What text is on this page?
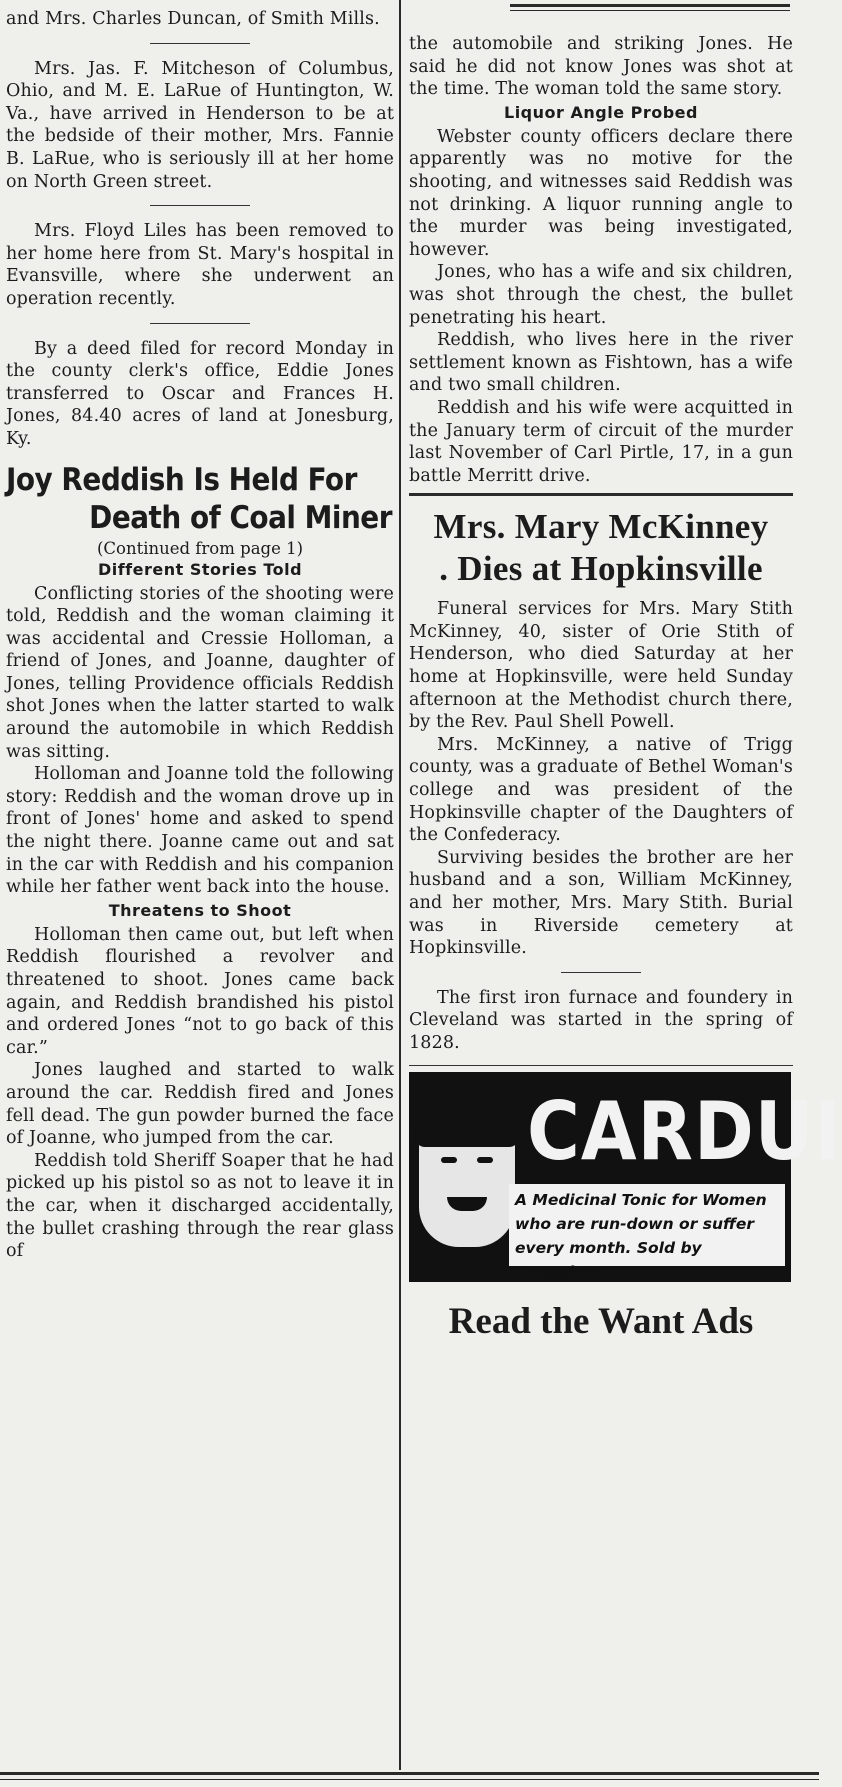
and Mrs. Charles Duncan, of Smith Mills.

Mrs. Jas. F. Mitcheson of Columbus, Ohio, and M. E. LaRue of Huntington, W. Va., have arrived in Henderson to be at the bedside of their mother, Mrs. Fannie B. LaRue, who is seriously ill at her home on North Green street.

Mrs. Floyd Liles has been removed to her home here from St. Mary's hospital in Evansville, where she underwent an operation recently.

By a deed filed for record Monday in the county clerk's office, Eddie Jones transferred to Oscar and Frances H. Jones, 84.40 acres of land at Jonesburg, Ky.

Joy Reddish Is Held For
Death of Coal Miner
(Continued from page 1)
Different Stories Told

Conflicting stories of the shooting were told, Reddish and the woman claiming it was accidental and Cressie Holloman, a friend of Jones, and Joanne, daughter of Jones, telling Providence officials Reddish shot Jones when the latter started to walk around the automobile in which Reddish was sitting.

Holloman and Joanne told the following story: Reddish and the woman drove up in front of Jones' home and asked to spend the night there. Joanne came out and sat in the car with Reddish and his companion while her father went back into the house.

Threatens to Shoot

Holloman then came out, but left when Reddish flourished a revolver and threatened to shoot. Jones came back again, and Reddish brandished his pistol and ordered Jones “not to go back of this car.”

Jones laughed and started to walk around the car. Reddish fired and Jones fell dead. The gun powder burned the face of Joanne, who jumped from the car.

Reddish told Sheriff Soaper that he had picked up his pistol so as not to leave it in the car, when it discharged accidentally, the bullet crashing through the rear glass of

the automobile and striking Jones. He said he did not know Jones was shot at the time. The woman told the same story.

Liquor Angle Probed

Webster county officers declare there apparently was no motive for the shooting, and witnesses said Reddish was not drinking. A liquor running angle to the murder was being investigated, however.

Jones, who has a wife and six children, was shot through the chest, the bullet penetrating his heart.

Reddish, who lives here in the river settlement known as Fishtown, has a wife and two small children.

Reddish and his wife were acquitted in the January term of circuit of the murder last November of Carl Pirtle, 17, in a gun battle Merritt drive.

Mrs. Mary McKinney
. Dies at Hopkinsville

Funeral services for Mrs. Mary Stith McKinney, 40, sister of Orie Stith of Henderson, who died Saturday at her home at Hopkinsville, were held Sunday afternoon at the Methodist church there, by the Rev. Paul Shell Powell.

Mrs. McKinney, a native of Trigg county, was a graduate of Bethel Woman's college and was president of the Hopkinsville chapter of the Daughters of the Confederacy.

Surviving besides the brother are her husband and a son, William McKinney, and her mother, Mrs. Mary Stith. Burial was in Riverside cemetery at Hopkinsville.

The first iron furnace and foundery in Cleveland was started in the spring of 1828.

CARDUI
A Medicinal Tonic for Women
who are run-down or suffer
every month. Sold by Druggists
Read the Want Ads
